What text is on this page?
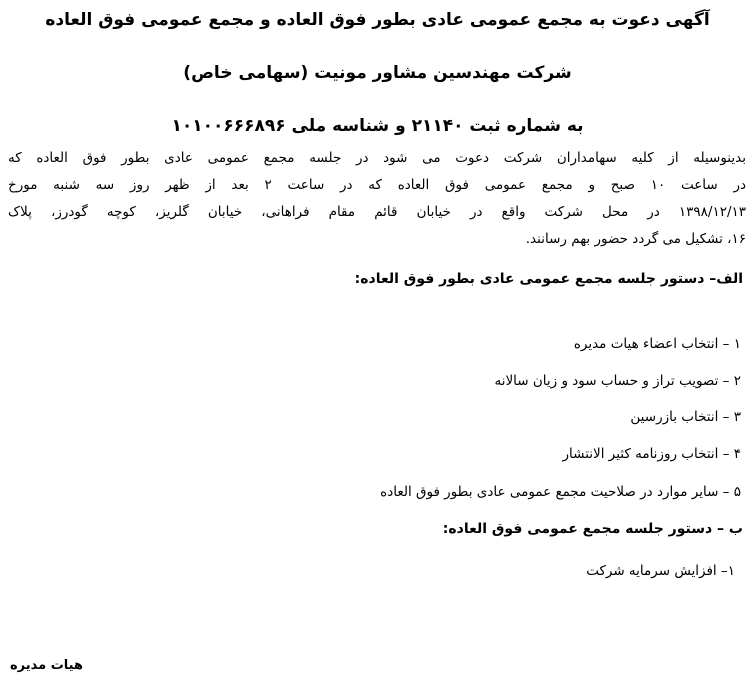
آگهی دعوت به مجمع عمومی عادی بطور فوق العاده و مجمع عمومی فوق العاده
شرکت مهندسین مشاور مونیت (سهامی خاص)
به شماره ثبت ۲۱۱۴۰ و شناسه ملی ۱۰۱۰۰۶۶۶۸۹۶
بدینوسیله از کلیه سهامداران شرکت دعوت می شود در جلسه مجمع عمومی عادی بطور فوق العاده که
در ساعت ۱۰ صبح و مجمع عمومی فوق العاده که در ساعت ۲ بعد از ظهر روز سه شنبه مورخ
۱۳۹۸/۱۲/۱۳ در محل شرکت واقع در خیابان قائم مقام فراهانی، خیابان گلریز، کوچه گودرز، پلاک
۱۶، تشکیل می گردد حضور بهم رسانند.
الف– دستور جلسه مجمع عمومی عادی بطور فوق العاده:
۱ – انتخاب اعضاء هیات مدیره
۲ – تصویب تراز و حساب سود و زیان سالانه
۳ – انتخاب بازرسین
۴ – انتخاب روزنامه کثیر الانتشار
۵ – سایر موارد در صلاحیت مجمع عمومی عادی بطور فوق العاده
ب – دستور جلسه مجمع عمومی فوق العاده:
۱– افزایش سرمایه شرکت
هیات مدیره
